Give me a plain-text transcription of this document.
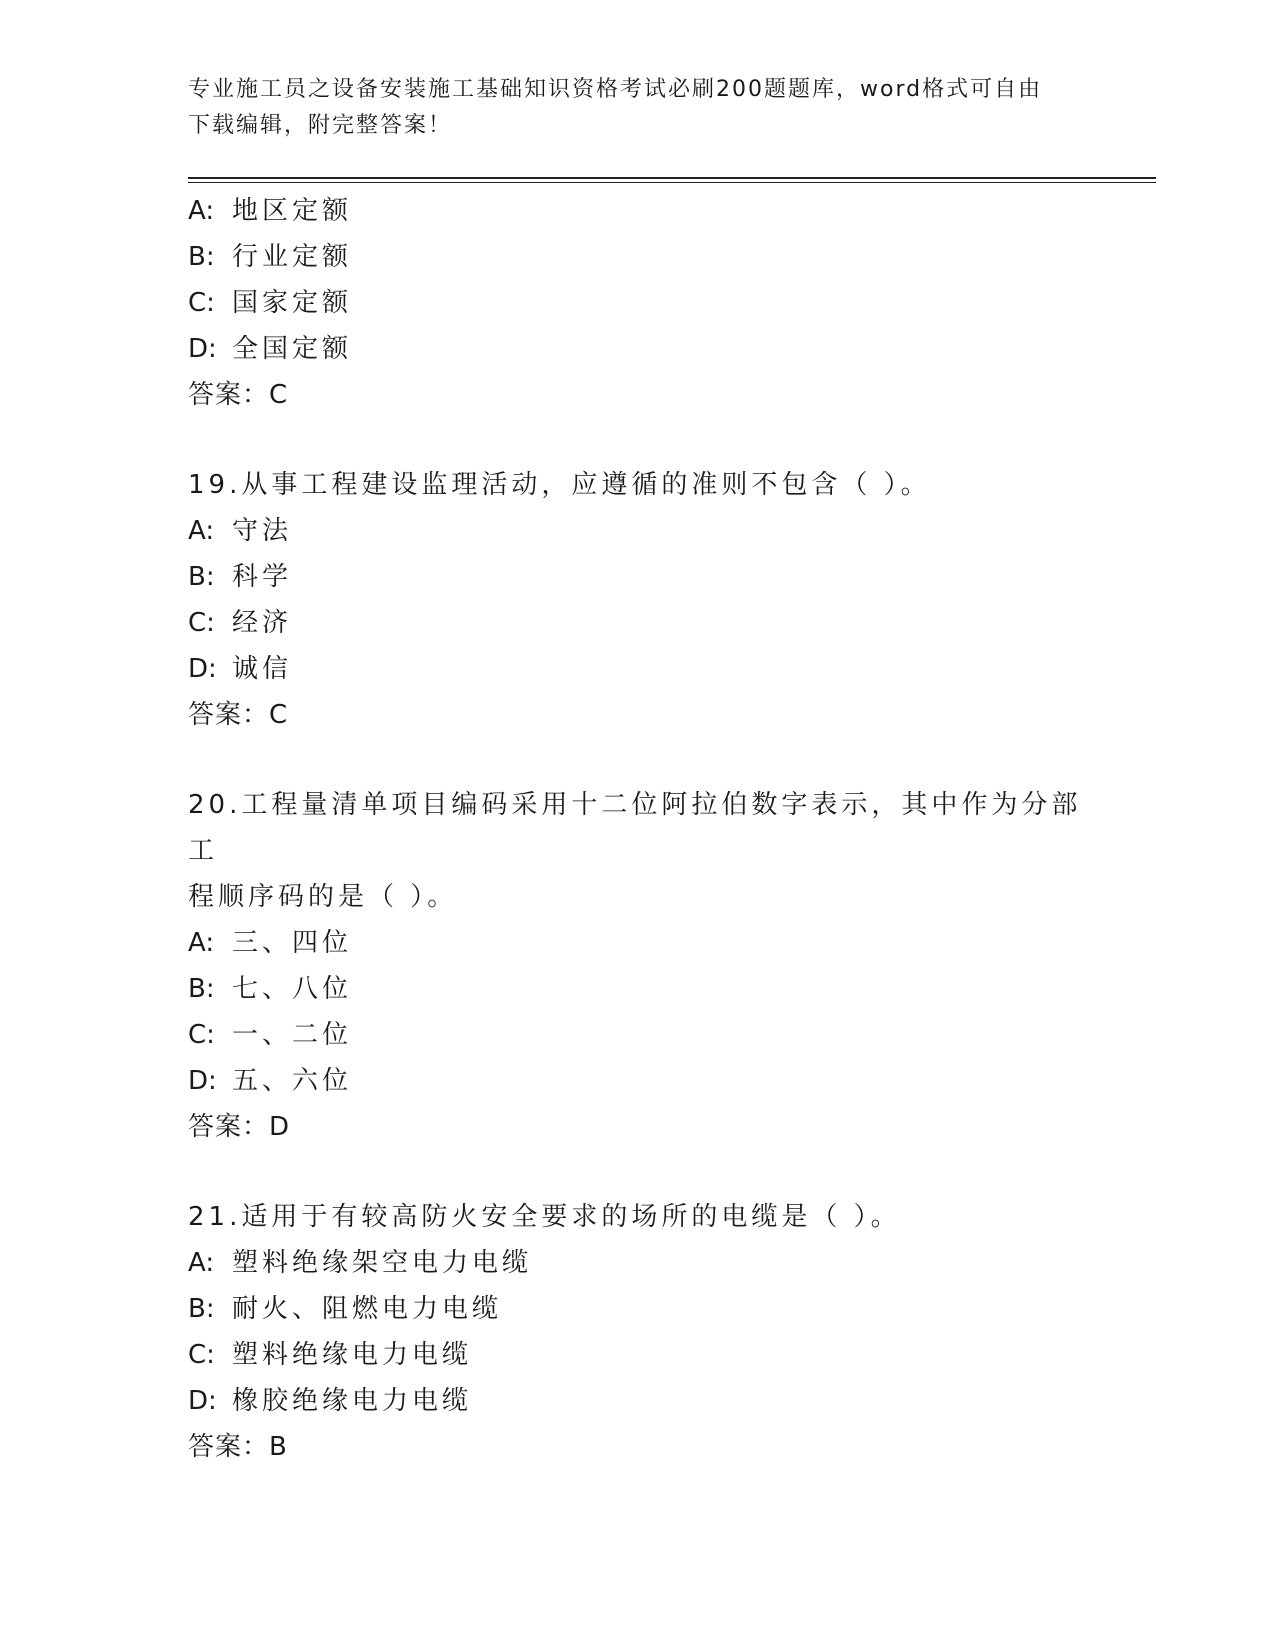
专业施工员之设备安装施工基础知识资格考试必刷200题题库，word格式可自由
下载编辑，附完整答案！
A: 地区定额
B: 行业定额
C: 国家定额
D: 全国定额
答案：C
19.从事工程建设监理活动，应遵循的准则不包含（ ）。
A: 守法
B: 科学
C: 经济
D: 诚信
答案：C
20.工程量清单项目编码采用十二位阿拉伯数字表示，其中作为分部工
程顺序码的是（ ）。
A: 三、四位
B: 七、八位
C: 一、二位
D: 五、六位
答案：D
21.适用于有较高防火安全要求的场所的电缆是（ ）。
A: 塑料绝缘架空电力电缆
B: 耐火、阻燃电力电缆
C: 塑料绝缘电力电缆
D: 橡胶绝缘电力电缆
答案：B
